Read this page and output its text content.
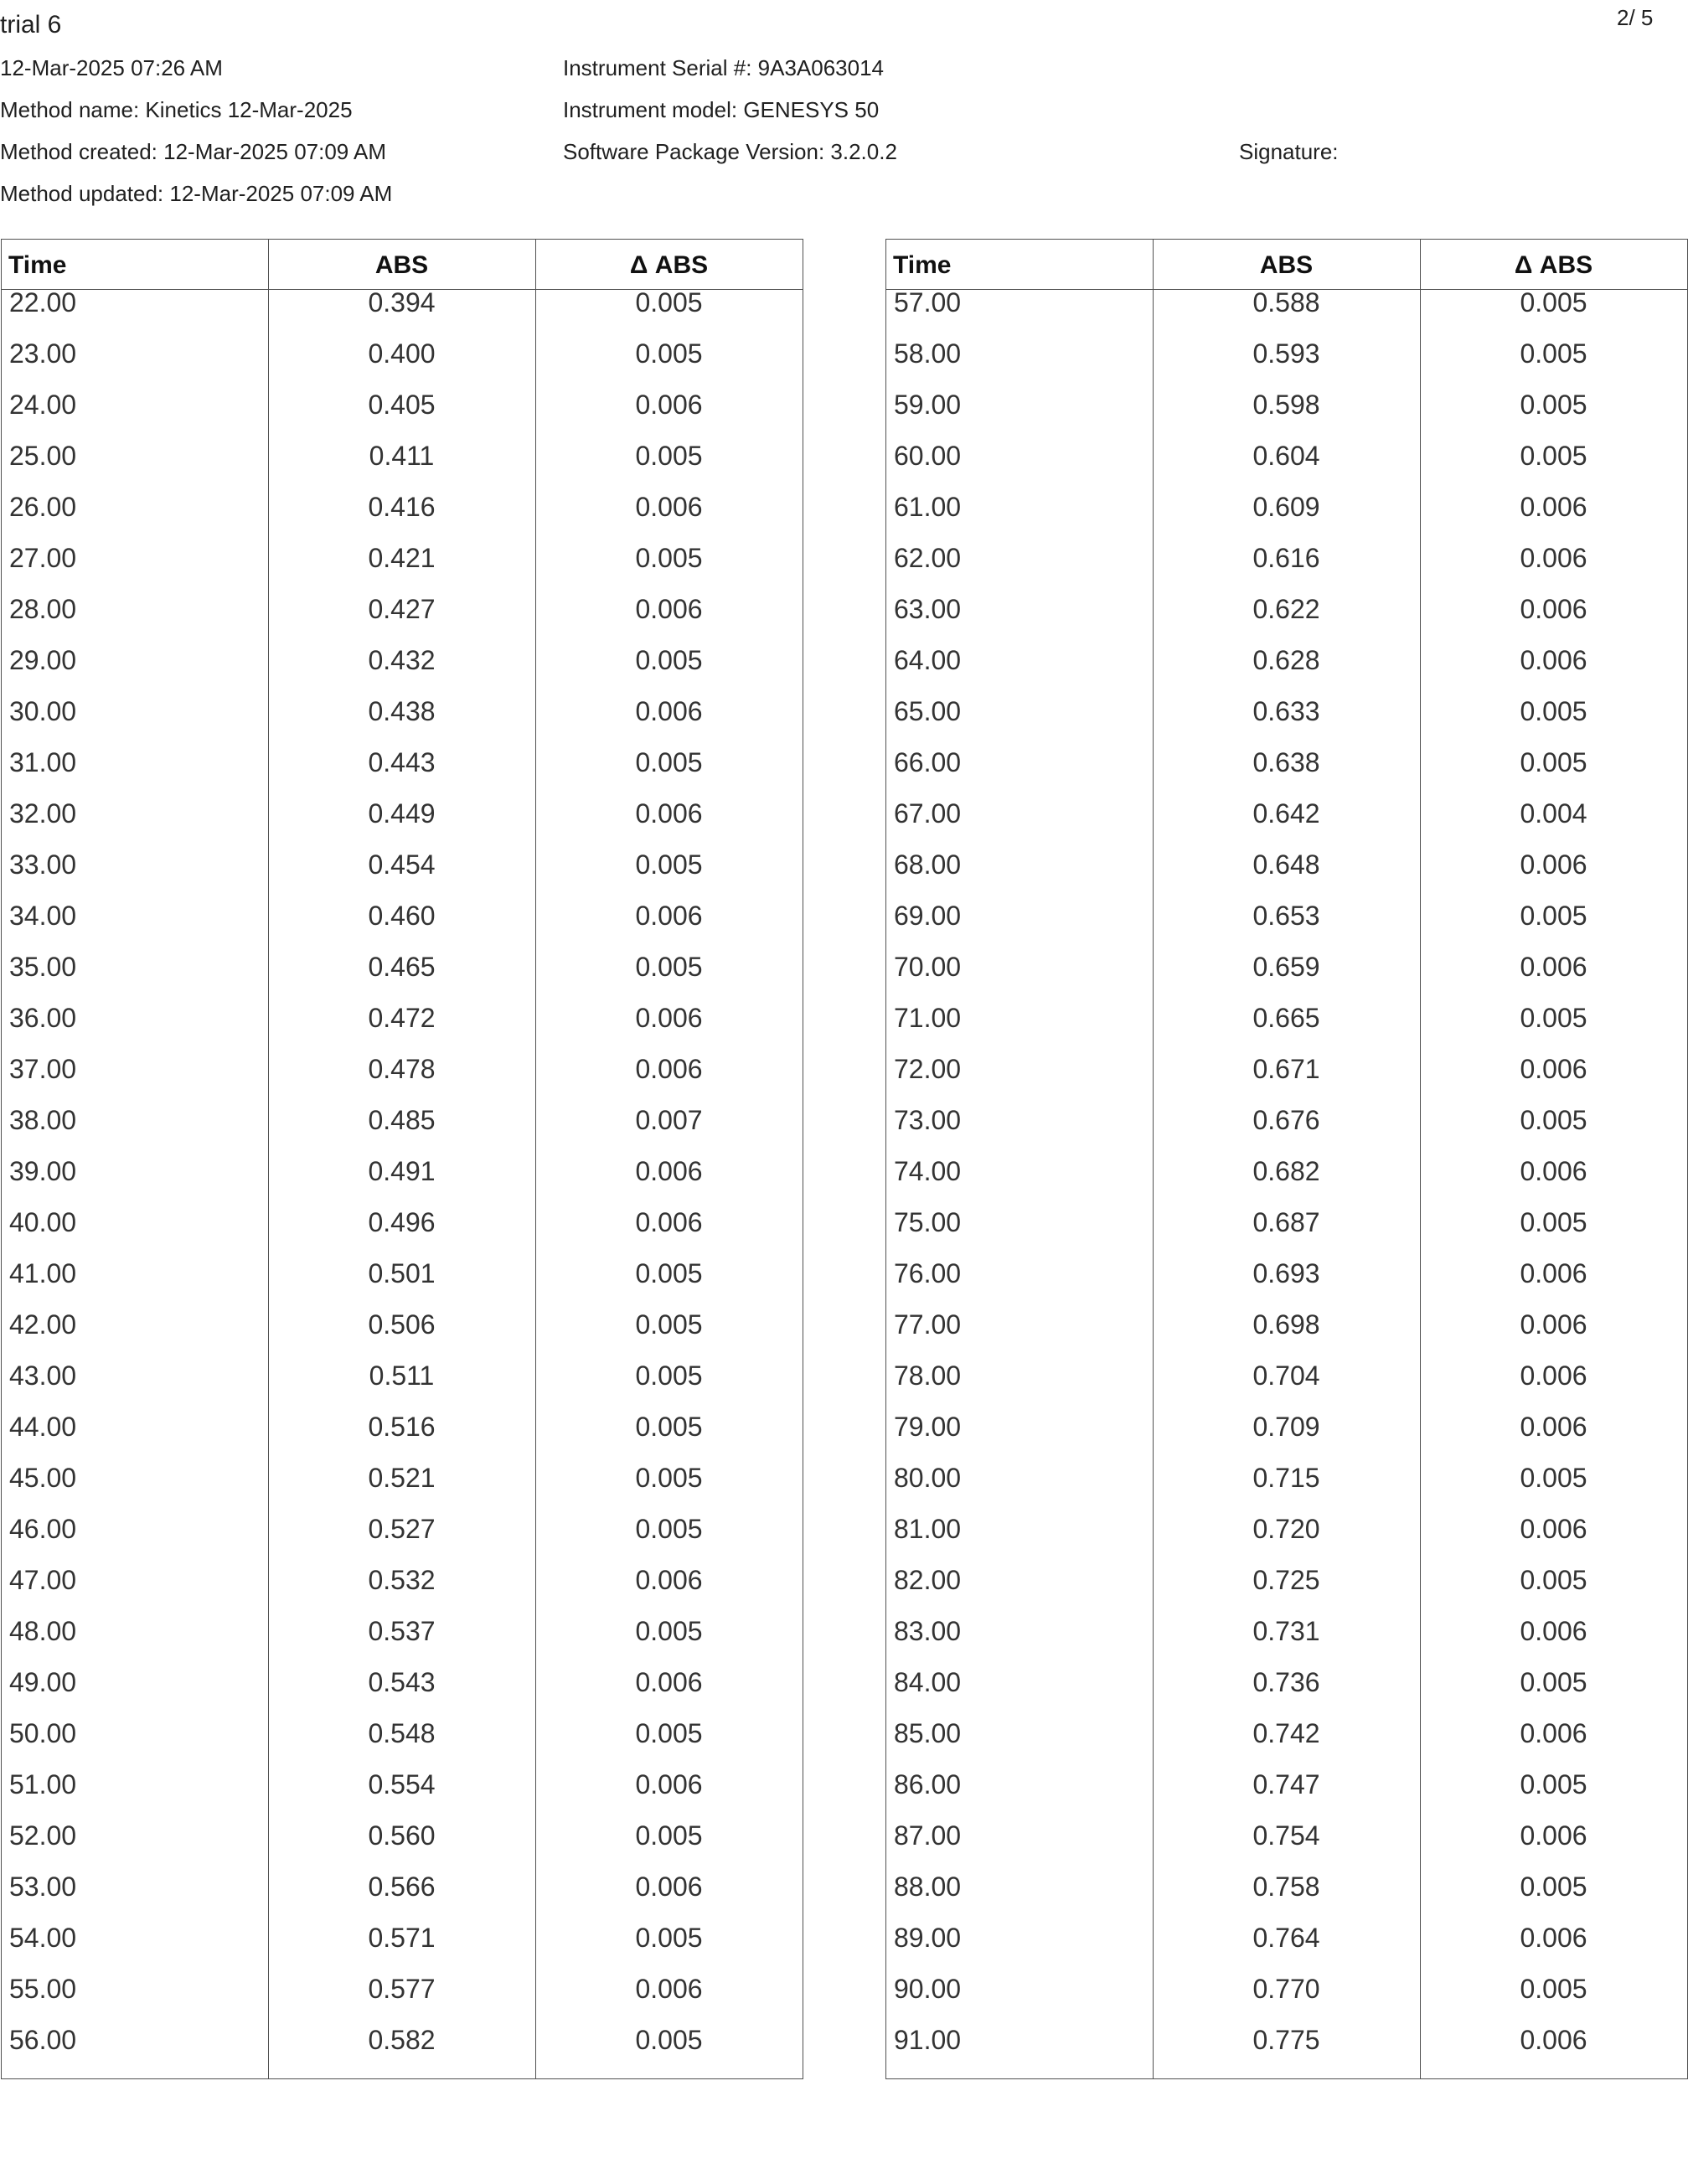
trial 6	2/ 5
12-Mar-2025 07:26 AM
Method name: Kinetics 12-Mar-2025
Method created: 12-Mar-2025 07:09 AM
Method updated: 12-Mar-2025 07:09 AM
Instrument Serial #: 9A3A063014
Instrument model: GENESYS 50
Software Package Version: 3.2.0.2	Signature:
Time	ABS	Δ ABS
22.00	0.394	0.005
23.00	0.400	0.005
24.00	0.405	0.006
25.00	0.411	0.005
26.00	0.416	0.006
27.00	0.421	0.005
28.00	0.427	0.006
29.00	0.432	0.005
30.00	0.438	0.006
31.00	0.443	0.005
32.00	0.449	0.006
33.00	0.454	0.005
34.00	0.460	0.006
35.00	0.465	0.005
36.00	0.472	0.006
37.00	0.478	0.006
38.00	0.485	0.007
39.00	0.491	0.006
40.00	0.496	0.006
41.00	0.501	0.005
42.00	0.506	0.005
43.00	0.511	0.005
44.00	0.516	0.005
45.00	0.521	0.005
46.00	0.527	0.005
47.00	0.532	0.006
48.00	0.537	0.005
49.00	0.543	0.006
50.00	0.548	0.005
51.00	0.554	0.006
52.00	0.560	0.005
53.00	0.566	0.006
54.00	0.571	0.005
55.00	0.577	0.006
56.00	0.582	0.005
Time	ABS	Δ ABS
57.00	0.588	0.005
58.00	0.593	0.005
59.00	0.598	0.005
60.00	0.604	0.005
61.00	0.609	0.006
62.00	0.616	0.006
63.00	0.622	0.006
64.00	0.628	0.006
65.00	0.633	0.005
66.00	0.638	0.005
67.00	0.642	0.004
68.00	0.648	0.006
69.00	0.653	0.005
70.00	0.659	0.006
71.00	0.665	0.005
72.00	0.671	0.006
73.00	0.676	0.005
74.00	0.682	0.006
75.00	0.687	0.005
76.00	0.693	0.006
77.00	0.698	0.006
78.00	0.704	0.006
79.00	0.709	0.006
80.00	0.715	0.005
81.00	0.720	0.006
82.00	0.725	0.005
83.00	0.731	0.006
84.00	0.736	0.005
85.00	0.742	0.006
86.00	0.747	0.005
87.00	0.754	0.006
88.00	0.758	0.005
89.00	0.764	0.006
90.00	0.770	0.005
91.00	0.775	0.006
